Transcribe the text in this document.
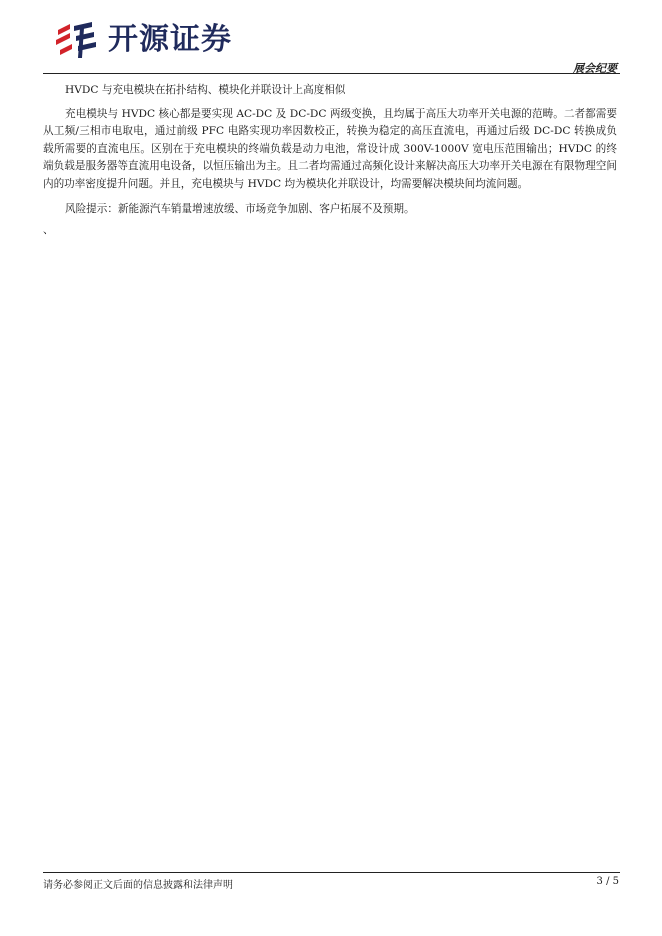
开源证券
展会纪要

HVDC 与充电模块在拓扑结构、模块化并联设计上高度相似

充电模块与 HVDC 核心都是要实现 AC-DC 及 DC-DC 两级变换，且均属于高压大功率开关电源的范畴。二者都需要从工频/三相市电取电，通过前级 PFC 电路实现功率因数校正，转换为稳定的高压直流电，再通过后级 DC-DC 转换成负载所需要的直流电压。区别在于充电模块的终端负载是动力电池，常设计成 300V-1000V 宽电压范围输出；HVDC 的终端负载是服务器等直流用电设备，以恒压输出为主。且二者均需通过高频化设计来解决高压大功率开关电源在有限物理空间内的功率密度提升问题。并且，充电模块与 HVDC 均为模块化并联设计，均需要解决模块间均流问题。

风险提示：新能源汽车销量增速放缓、市场竞争加剧、客户拓展不及预期。

、

请务必参阅正文后面的信息披露和法律声明	3 / 5
